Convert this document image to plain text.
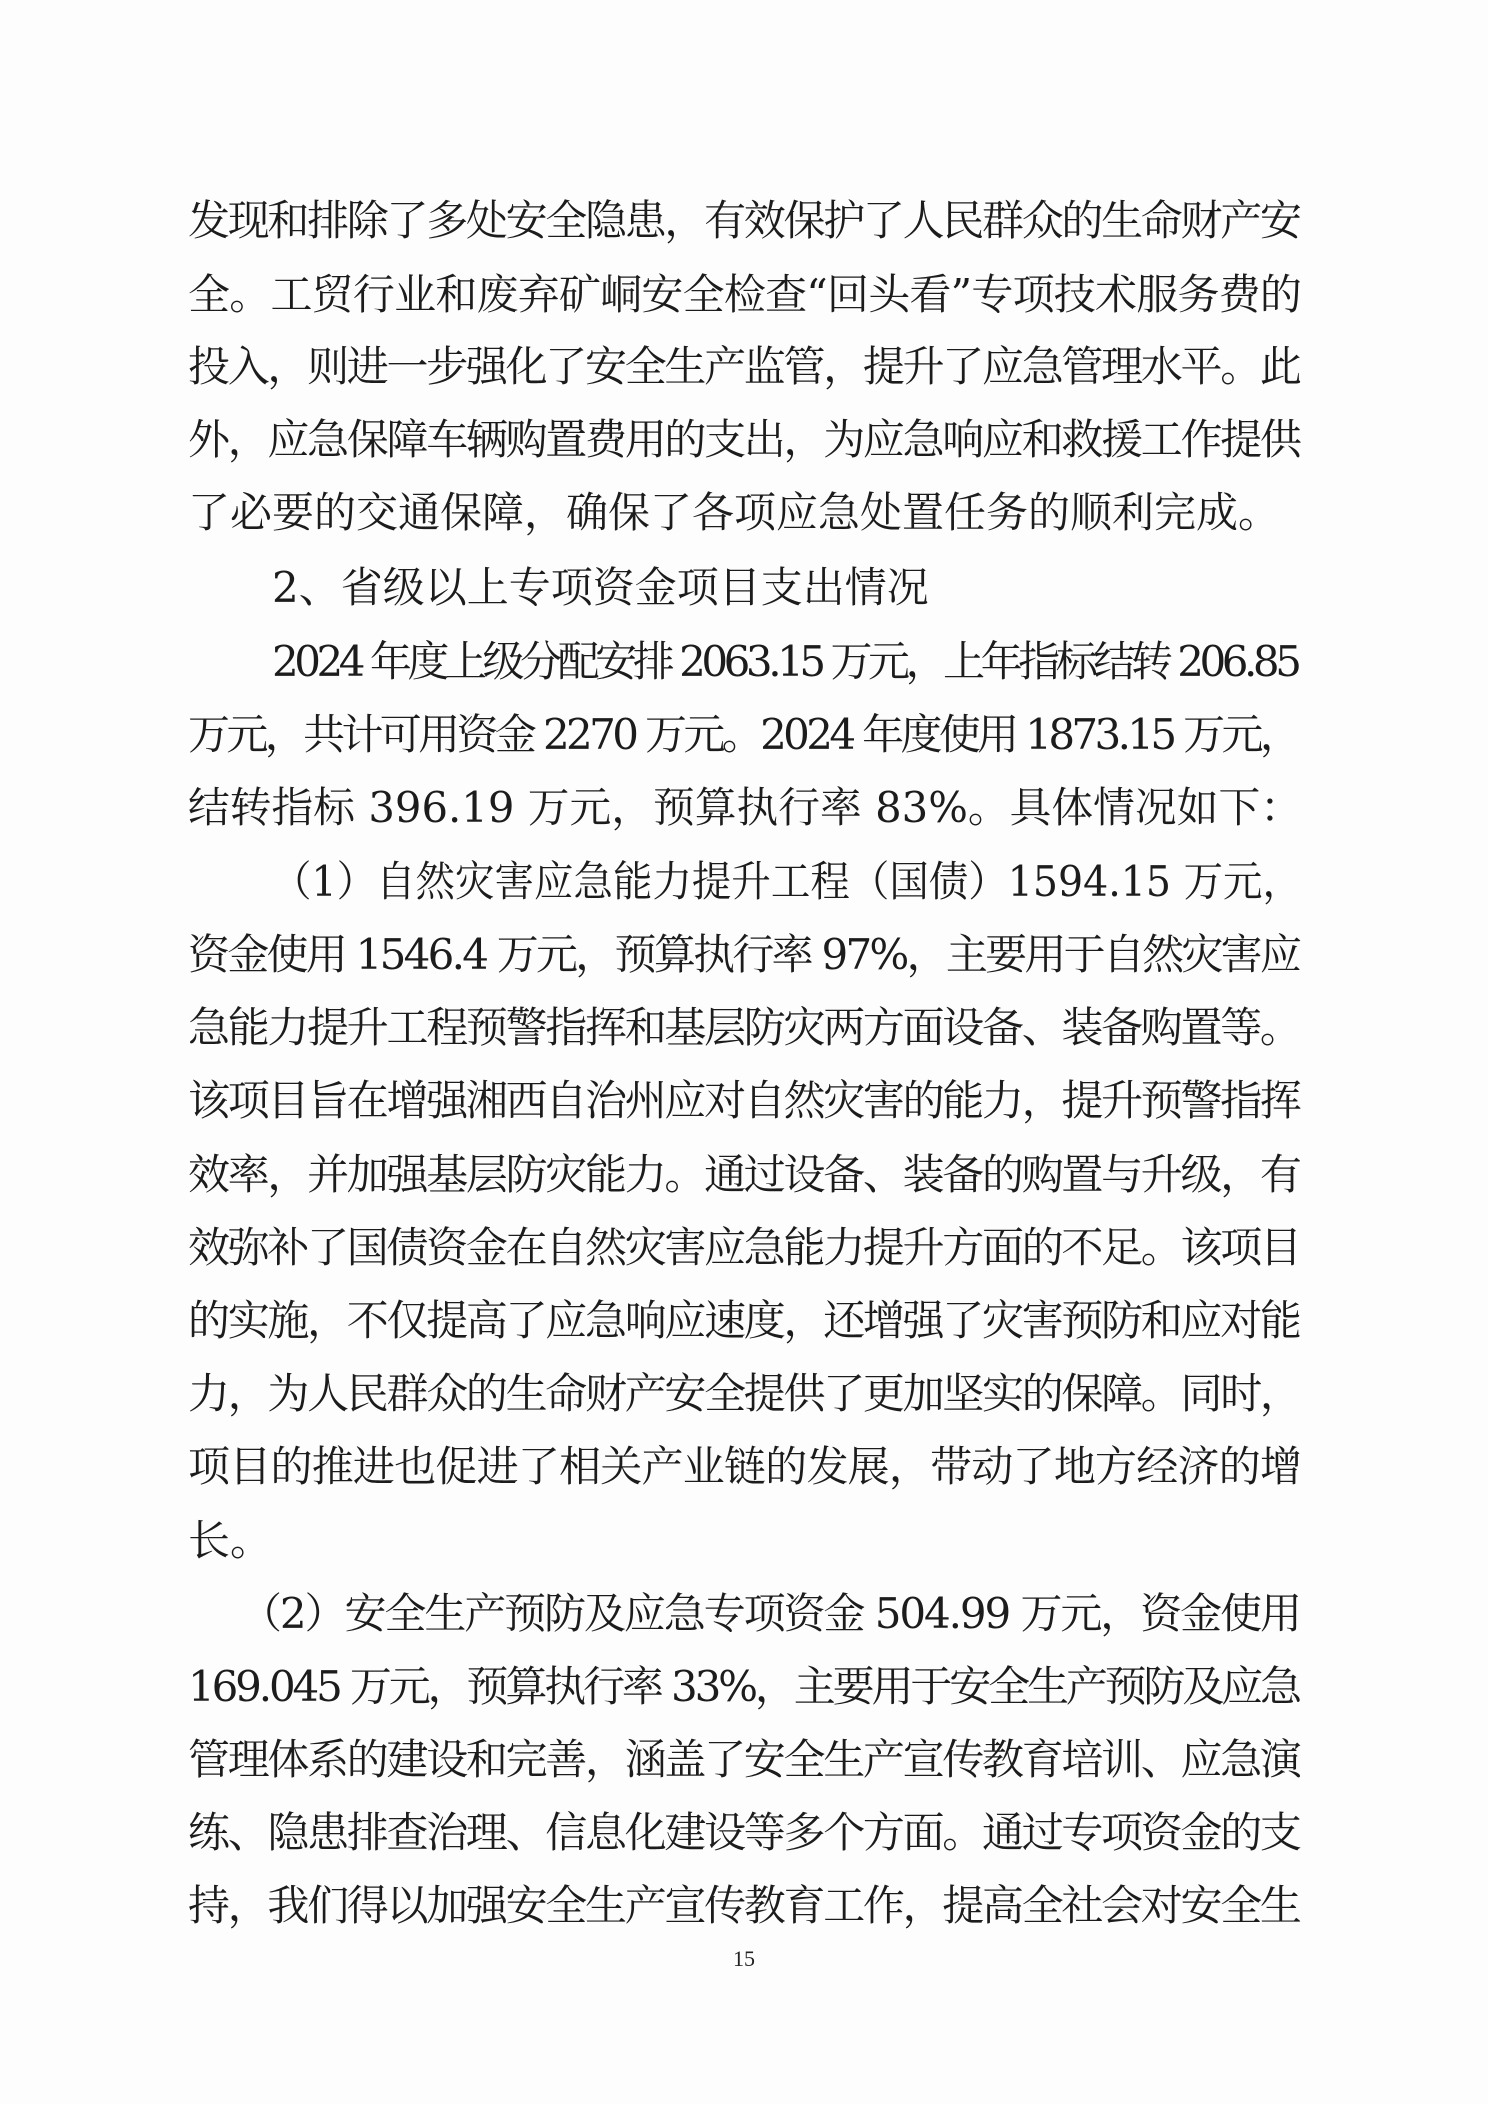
发现和排除了多处安全隐患，有效保护了人民群众的生命财产安
全。工贸行业和废弃矿峒安全检查“回头看”专项技术服务费的
投入，则进一步强化了安全生产监管，提升了应急管理水平。此
外，应急保障车辆购置费用的支出，为应急响应和救援工作提供
了必要的交通保障，确保了各项应急处置任务的顺利完成。
2、省级以上专项资金项目支出情况
2024 年度上级分配安排 2063.15 万元，上年指标结转 206.85
万元，共计可用资金 2270 万元。2024 年度使用 1873.15 万元，
结转指标 396.19 万元，预算执行率 83%。具体情况如下：
（1）自然灾害应急能力提升工程（国债）1594.15 万元，
资金使用 1546.4 万元，预算执行率 97%，主要用于自然灾害应
急能力提升工程预警指挥和基层防灾两方面设备、装备购置等。
该项目旨在增强湘西自治州应对自然灾害的能力，提升预警指挥
效率，并加强基层防灾能力。通过设备、装备的购置与升级，有
效弥补了国债资金在自然灾害应急能力提升方面的不足。该项目
的实施，不仅提高了应急响应速度，还增强了灾害预防和应对能
力，为人民群众的生命财产安全提供了更加坚实的保障。同时，
项目的推进也促进了相关产业链的发展，带动了地方经济的增
长。
（2）安全生产预防及应急专项资金 504.99 万元，资金使用
169.045 万元，预算执行率 33%，主要用于安全生产预防及应急
管理体系的建设和完善，涵盖了安全生产宣传教育培训、应急演
练、隐患排查治理、信息化建设等多个方面。通过专项资金的支
持，我们得以加强安全生产宣传教育工作，提高全社会对安全生
15
